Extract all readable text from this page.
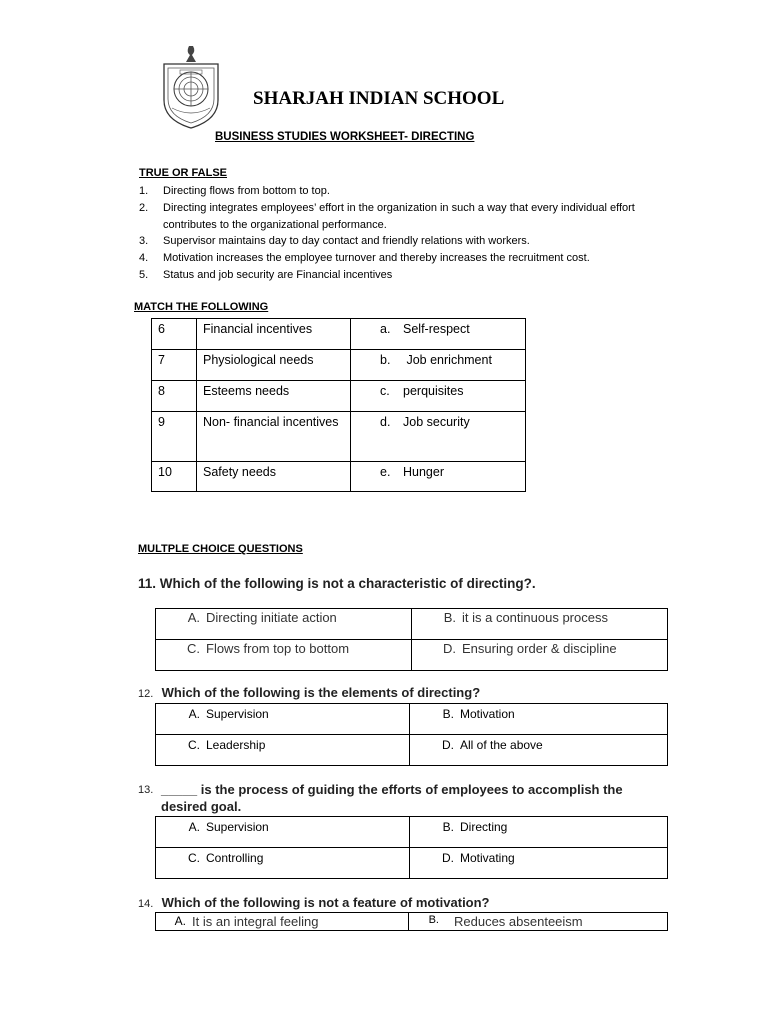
SHARJAH INDIAN SCHOOL
BUSINESS STUDIES WORKSHEET- DIRECTING
TRUE OR FALSE
1.	Directing flows from bottom to top.
2.	Directing integrates employees’ effort in the organization in such a way that every individual effort contributes to the organizational performance.
3.	Supervisor maintains day to day contact and friendly relations with workers.
4.	Motivation increases the employee turnover and thereby increases the recruitment cost.
5.	Status and job security are Financial incentives
MATCH THE FOLLOWING
6	Financial incentives	a. Self-respect
7	Physiological needs	b. Job enrichment
8	Esteems needs	c. perquisites
9	Non- financial incentives	d. Job security
10	Safety needs	e. Hunger
MULTPLE CHOICE QUESTIONS
11. Which of the following is not a characteristic of directing?.
A. Directing initiate action	B. it is a continuous process

C. Flows from top to bottom	D. Ensuring order & discipline
12. Which of the following is the elements of directing?
A. Supervision	B. Motivation

C. Leadership	D. All of the above
13. _____ is the process of guiding the efforts of employees to accomplish the desired goal.
A. Supervision	B. Directing

C. Controlling	D. Motivating
14. Which of the following is not a feature of motivation?
A. It is an integral feeling	B.	Reduces absenteeism
